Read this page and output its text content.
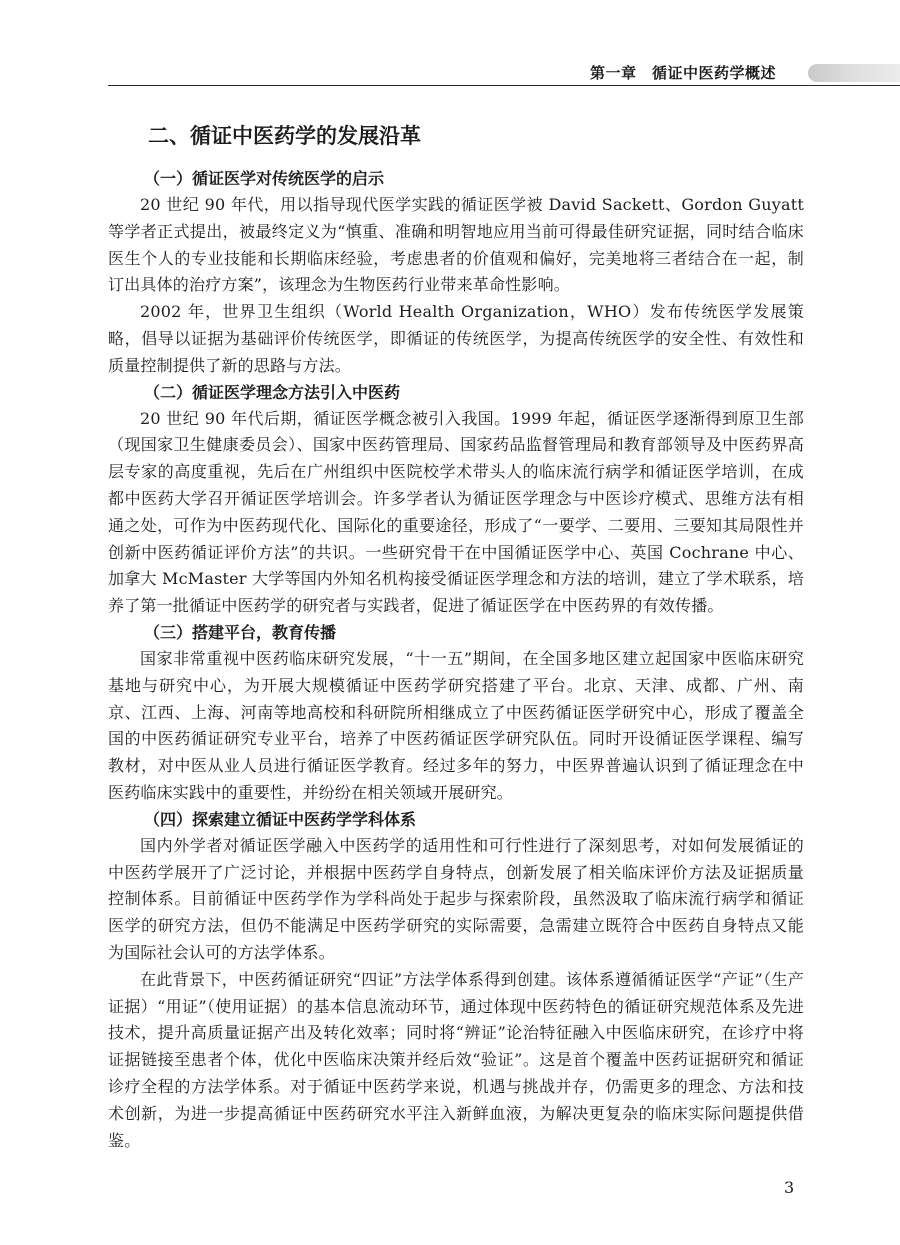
第一章　循证中医药学概述
二、循证中医药学的发展沿革
（一）循证医学对传统医学的启示

20 世纪 90 年代，用以指导现代医学实践的循证医学被 David Sackett、Gordon Guyatt 等学者正式提出，被最终定义为“慎重、准确和明智地应用当前可得最佳研究证据，同时结合临床医生个人的专业技能和长期临床经验，考虑患者的价值观和偏好，完美地将三者结合在一起，制订出具体的治疗方案”，该理念为生物医药行业带来革命性影响。

2002 年，世界卫生组织（World Health Organization，WHO）发布传统医学发展策略，倡导以证据为基础评价传统医学，即循证的传统医学，为提高传统医学的安全性、有效性和质量控制提供了新的思路与方法。

（二）循证医学理念方法引入中医药

20 世纪 90 年代后期，循证医学概念被引入我国。1999 年起，循证医学逐渐得到原卫生部（现国家卫生健康委员会）、国家中医药管理局、国家药品监督管理局和教育部领导及中医药界高层专家的高度重视，先后在广州组织中医院校学术带头人的临床流行病学和循证医学培训，在成都中医药大学召开循证医学培训会。许多学者认为循证医学理念与中医诊疗模式、思维方法有相通之处，可作为中医药现代化、国际化的重要途径，形成了“一要学、二要用、三要知其局限性并创新中医药循证评价方法”的共识。一些研究骨干在中国循证医学中心、英国 Cochrane 中心、加拿大 McMaster 大学等国内外知名机构接受循证医学理念和方法的培训，建立了学术联系，培养了第一批循证中医药学的研究者与实践者，促进了循证医学在中医药界的有效传播。

（三）搭建平台，教育传播

国家非常重视中医药临床研究发展，“十一五”期间，在全国多地区建立起国家中医临床研究基地与研究中心，为开展大规模循证中医药学研究搭建了平台。北京、天津、成都、广州、南京、江西、上海、河南等地高校和科研院所相继成立了中医药循证医学研究中心，形成了覆盖全国的中医药循证研究专业平台，培养了中医药循证医学研究队伍。同时开设循证医学课程、编写教材，对中医从业人员进行循证医学教育。经过多年的努力，中医界普遍认识到了循证理念在中医药临床实践中的重要性，并纷纷在相关领域开展研究。

（四）探索建立循证中医药学学科体系

国内外学者对循证医学融入中医药学的适用性和可行性进行了深刻思考，对如何发展循证的中医药学展开了广泛讨论，并根据中医药学自身特点，创新发展了相关临床评价方法及证据质量控制体系。目前循证中医药学作为学科尚处于起步与探索阶段，虽然汲取了临床流行病学和循证医学的研究方法，但仍不能满足中医药学研究的实际需要，急需建立既符合中医药自身特点又能为国际社会认可的方法学体系。

在此背景下，中医药循证研究“四证”方法学体系得到创建。该体系遵循循证医学“产证”（生产证据）“用证”（使用证据）的基本信息流动环节，通过体现中医药特色的循证研究规范体系及先进技术，提升高质量证据产出及转化效率；同时将“辨证”论治特征融入中医临床研究，在诊疗中将证据链接至患者个体，优化中医临床决策并经后效“验证”。这是首个覆盖中医药证据研究和循证诊疗全程的方法学体系。对于循证中医药学来说，机遇与挑战并存，仍需更多的理念、方法和技术创新，为进一步提高循证中医药研究水平注入新鲜血液，为解决更复杂的临床实际问题提供借鉴。

3
